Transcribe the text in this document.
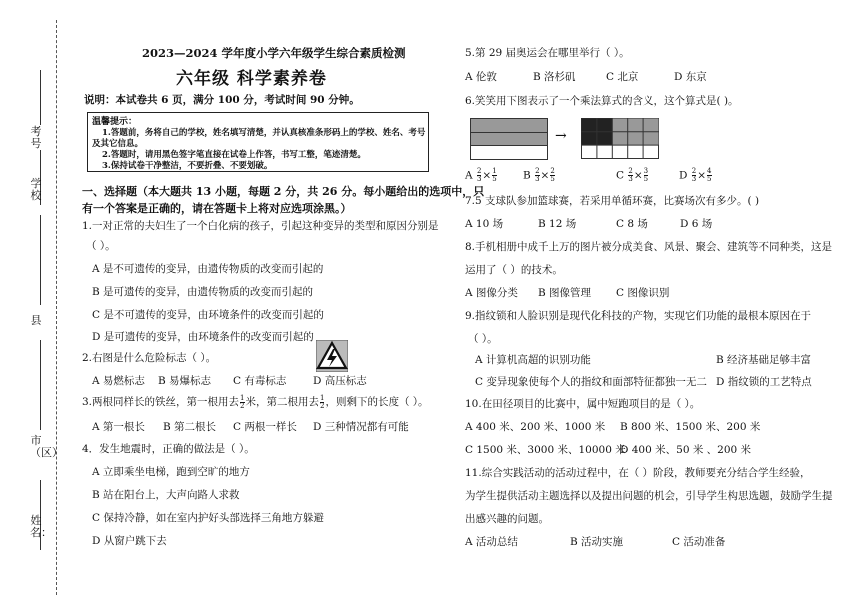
考号
学校
县
市（区）
姓名：
2023—2024 学年度小学六年级学生综合素质检测
六年级 科学素养卷
说明：本试卷共 6 页，满分 100 分，考试时间 90 分钟。
温馨提示：
1.答题前，务将自己的学校，姓名填写清楚，并认真核准条形码上的学校、姓名、考号
及其它信息。
2.答题时，请用黑色签字笔直接在试卷上作答，书写工整，笔迹清楚。
3.保持试卷干净整洁，不要折叠、不要划破。
一、选择题（本大题共 13 小题，每题 2 分，共 26 分。每小题给出的选项中，只
有一个答案是正确的，请在答题卡上将对应选项涂黑。）
1.一对正常的夫妇生了一个白化病的孩子，引起这种变异的类型和原因分别是
（ ）。
A 是不可遗传的变异，由遗传物质的改变而引起的
B 是可遗传的变异，由遗传物质的改变而引起的
C 是不可遗传的变异，由环境条件的改变而引起的
D 是可遗传的变异，由环境条件的改变而引起的
2.右图是什么危险标志（ ）。
A 易燃标志 B 易爆标志 C 有毒标志	D 高压标志
3.两根同样长的铁丝，第一根用去 $\frac{1}{2}$ 米，第二根用去 $\frac{1}{2}$ ，则剩下的长度（ ）。
A 第一根长 B 第二根长 C 两根一样长 D 三种情况都有可能
4．发生地震时，正确的做法是（ ）。
A 立即乘坐电梯，跑到空旷的地方
B 站在阳台上，大声向路人求救
C 保持冷静，如在室内护好头部选择三角地方躲避
D 从窗户跳下去
5.第 29 届奥运会在哪里举行（ ）。
A 伦敦	B 洛杉矶	C 北京	D 东京
6.笑笑用下图表示了一个乘法算式的含义，这个算式是( )。
→
A $\frac{2}{3} \times \frac{1}{5}$	B $\frac{2}{3} \times \frac{2}{5}$	C $\frac{2}{3} \times \frac{3}{5}$	D $\frac{2}{3} \times \frac{4}{5}$
7.5 支球队参加篮球赛，若采用单循环赛，比赛场次有多少。( )
A 10 场	B 12 场	C 8 场	D 6 场
8.手机相册中成千上万的图片被分成美食、风景、聚会、建筑等不同种类，这是
运用了（ ）的技术。
A 图像分类 B 图像管理 C 图像识别
9.指纹锁和人脸识别是现代化科技的产物，实现它们功能的最根本原因在于
（ ）。
A 计算机高超的识别功能	B 经济基础足够丰富
C 变异现象使每个人的指纹和面部特征都独一无二 D 指纹锁的工艺特点
10.在田径项目的比赛中，属中短跑项目的是（ ）。
A 400 米、200 米、1000 米 B 800 米、1500 米、200 米
C 1500 米、3000 米、10000 米
D 400 米、50 米 、200 米
11.综合实践活动的活动过程中，在（ ）阶段，教师要充分结合学生经验，
为学生提供活动主题选择以及提出问题的机会，引导学生构思选题，鼓励学生提
出感兴趣的问题。
A 活动总结	B 活动实施	C 活动准备
